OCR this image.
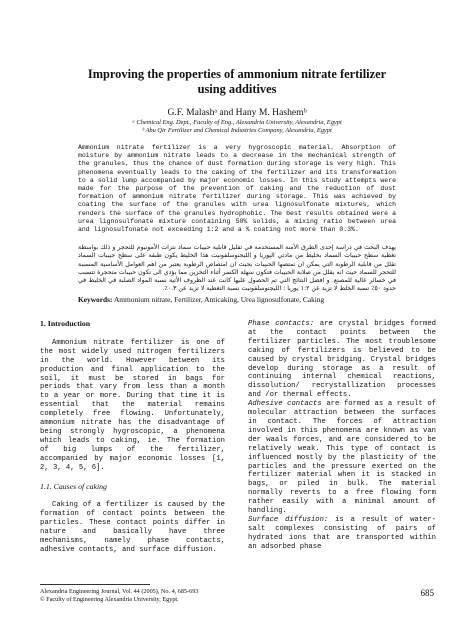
Improving the properties of ammonium nitrate fertilizer
using additives
G.F. Malashᵃ and Hany M. Hashemᵇ
ᵃ Chemical Eng. Dept., Faculty of Eng., Alexandria University, Alexandria, Egypt
ᵇ Abu Qir Fertilizer and Chemical Industries Company, Alexandria, Egypt
Ammonium nitrate fertilizer is a very hygroscopic material. Absorption of moisture by ammonium nitrate leads to a decrease in the mechanical strength of the granules, thus the chance of dust formation during storage is very high. This phenomena eventually leads to the caking of the fertilizer and its transformation to a solid lump accompanied by major economic losses. In this study attempts were made for the purpose of the prevention of caking and the reduction of dust formation of ammonium nitrate fertilizer during storage. This was achieved by coating the surface of the granules with urea lignosulfonate mixtures, which renders the surface of the granules hydrophobic. The best results obtained were a urea lignosulfonate mixture containing 50% solids, a mixing ratio between urea and lignosulfonate not exceeding 1:2 and a % coating not more than 0.3%.
يهدف البحث في دراسة إحدى الطرق الأمنة المستخدمة في تقليل قابلية حبيبات سماد نترات الأمونيوم للتحجر و ذلك بواسطة تغطية سطح حبيبات السماد بخليط من مادتي اليوريا و الليجنوسلفونيت هذا الخليط يكون طبقة على سطح حبيبات السماد تقلل من قابلية الرطوبة التي يمكن ان تمتصها الحبيبات بحيث ان امتصاص الرطوبة يعتبر من اهم العوامل الأساسية المسببة للتحجر للسماد حيث انه يقلل من صلابة الحبيبات فتكون سهلة الكسر أثناء التخزين مما يؤدي الى تكون حبيبات متحجرة تتسبب في خسائر عالية للمصنع. و افضل النتائج التي تم الحصول عليها كانت عند الظروف الأتية نسبة المواد الصلبة في الخليط في حدود ٥٠٪ نسبة الخلط لا تزيد عن ١:٢ يوريا : الليجنوسلفونيت نسبة التغطية لا تزيد عن ٠.٣٪.
Keywords: Ammonium nitrate, Fertilizer, Anticaking, Urea lignosulfonate, Caking
1. Introduction

Ammonium nitrate fertilizer is one of the most widely used nitrogen fertilizers in the world. However between its production and final application to the soil, it must be stored in bags for periods that vary from less than a month to a year or more. During that time it is essential that the material remains completely free flowing. Unfortunately, ammonium nitrate has the disadvantage of being strongly hygroscopic, a phenomena which leads to caking, ie. The formation of big lumps of the fertilizer, accompanied by major economic losses [1, 2, 3, 4, 5, 6].

1.1. Causes of caking

Caking of a fertilizer is caused by the formation of contact points between the particles. These contact points differ in nature and basically have three mechanisms, namely phase contacts, adhesive contacts, and surface diffusion.

Phase contacts: are crystal bridges formed at the contact points between the fertilizer particles. The most troublesome caking of fertilizers is believed to be caused by crystal bridging. Crystal bridges develop during storage as a result of continuing internal chemical reactions, dissolution/ recrystallization processes and /or thermal effects.

Adhesive contacts are formed as a result of molecular attraction between the surfaces in contact. The forces of attraction involved in this phenomena are known as van der waals forces, and are considered to be relatively weak. This type of contact is influenced mostly by the plasticity of the particles and the pressure exerted on the fertilizer material when it is stacked in bags, or piled in bulk. The material normally reverts to a free flowing form rather easily with a minimal amount of handling.

Surface diffusion: is a result of water- salt complexes consisting of pairs of hydrated ions that are transported within an adsorbed phase

Alexandria Engineering Journal, Vol. 44 (2005), No. 4, 685-693
© Faculty of Engineering Alexandria University, Egypt.
685
